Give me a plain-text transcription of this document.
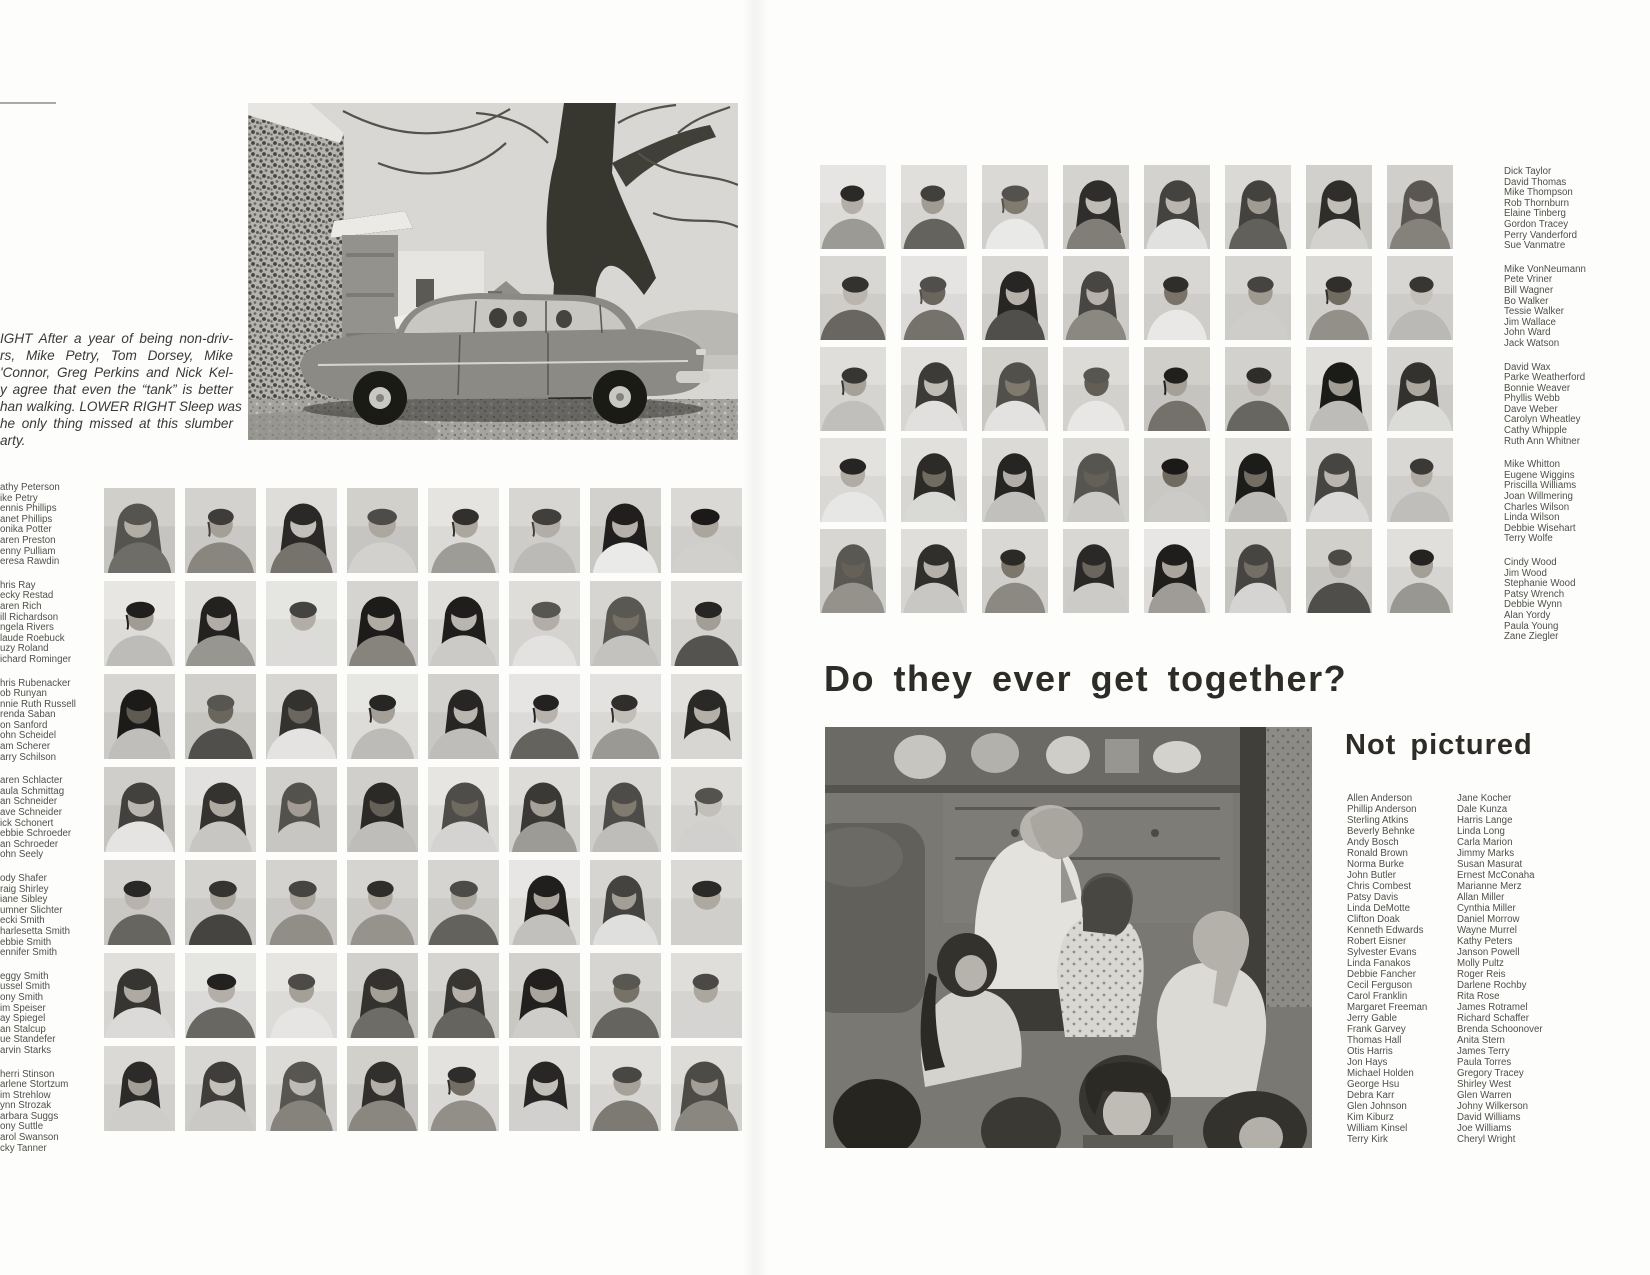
IGHT After a year of being non-driv-
rs, Mike Petry, Tom Dorsey, Mike
'Connor, Greg Perkins and Nick Kel-
y agree that even the “tank” is better
han walking. LOWER RIGHT Sleep was
he only thing missed at this slumber
arty.
athy Peterson
ike Petry
ennis Phillips
anet Phillips
onika Potter
aren Preston
enny Pulliam
eresa Rawdin
hris Ray
ecky Restad
aren Rich
ill Richardson
ngela Rivers
laude Roebuck
uzy Roland
ichard Rominger
hris Rubenacker
ob Runyan
nnie Ruth Russell
renda Saban
on Sanford
ohn Scheidel
am Scherer
arry Schilson
aren Schlacter
aula Schmittag
an Schneider
ave Schneider
ick Schonert
ebbie Schroeder
an Schroeder
ohn Seely
ody Shafer
raig Shirley
iane Sibley
umner Slichter
ecki Smith
harlesetta Smith
ebbie Smith
ennifer Smith
eggy Smith
ussel Smith
ony Smith
im Speiser
ay Spiegel
an Stalcup
ue Standefer
arvin Starks
herri Stinson
arlene Stortzum
im Strehlow
ynn Strozak
arbara Suggs
ony Suttle
arol Swanson
cky Tanner
Dick Taylor
David Thomas
Mike Thompson
Rob Thornburn
Elaine Tinberg
Gordon Tracey
Perry Vanderford
Sue Vanmatre
Mike VonNeumann
Pete Vriner
Bill Wagner
Bo Walker
Tessie Walker
Jim Wallace
John Ward
Jack Watson
David Wax
Parke Weatherford
Bonnie Weaver
Phyllis Webb
Dave Weber
Carolyn Wheatley
Cathy Whipple
Ruth Ann Whitner
Mike Whitton
Eugene Wiggins
Priscilla Williams
Joan Willmering
Charles Wilson
Linda Wilson
Debbie Wisehart
Terry Wolfe
Cindy Wood
Jim Wood
Stephanie Wood
Patsy Wrench
Debbie Wynn
Alan Yordy
Paula Young
Zane Ziegler
Do they ever get together?
Not pictured
Allen Anderson
Phillip Anderson
Sterling Atkins
Beverly Behnke
Andy Bosch
Ronald Brown
Norma Burke
John Butler
Chris Combest
Patsy Davis
Linda DeMotte
Clifton Doak
Kenneth Edwards
Robert Eisner
Sylvester Evans
Linda Fanakos
Debbie Fancher
Cecil Ferguson
Carol Franklin
Margaret Freeman
Jerry Gable
Frank Garvey
Thomas Hall
Otis Harris
Jon Hays
Michael Holden
George Hsu
Debra Karr
Glen Johnson
Kim Kiburz
William Kinsel
Terry Kirk
Jane Kocher
Dale Kunza
Harris Lange
Linda Long
Carla Marion
Jimmy Marks
Susan Masurat
Ernest McConaha
Marianne Merz
Allan Miller
Cynthia Miller
Daniel Morrow
Wayne Murrel
Kathy Peters
Janson Powell
Molly Pultz
Roger Reis
Darlene Rochby
Rita Rose
James Rotramel
Richard Schaffer
Brenda Schoonover
Anita Stern
James Terry
Paula Torres
Gregory Tracey
Shirley West
Glen Warren
Johny Wilkerson
David Williams
Joe Williams
Cheryl Wright
